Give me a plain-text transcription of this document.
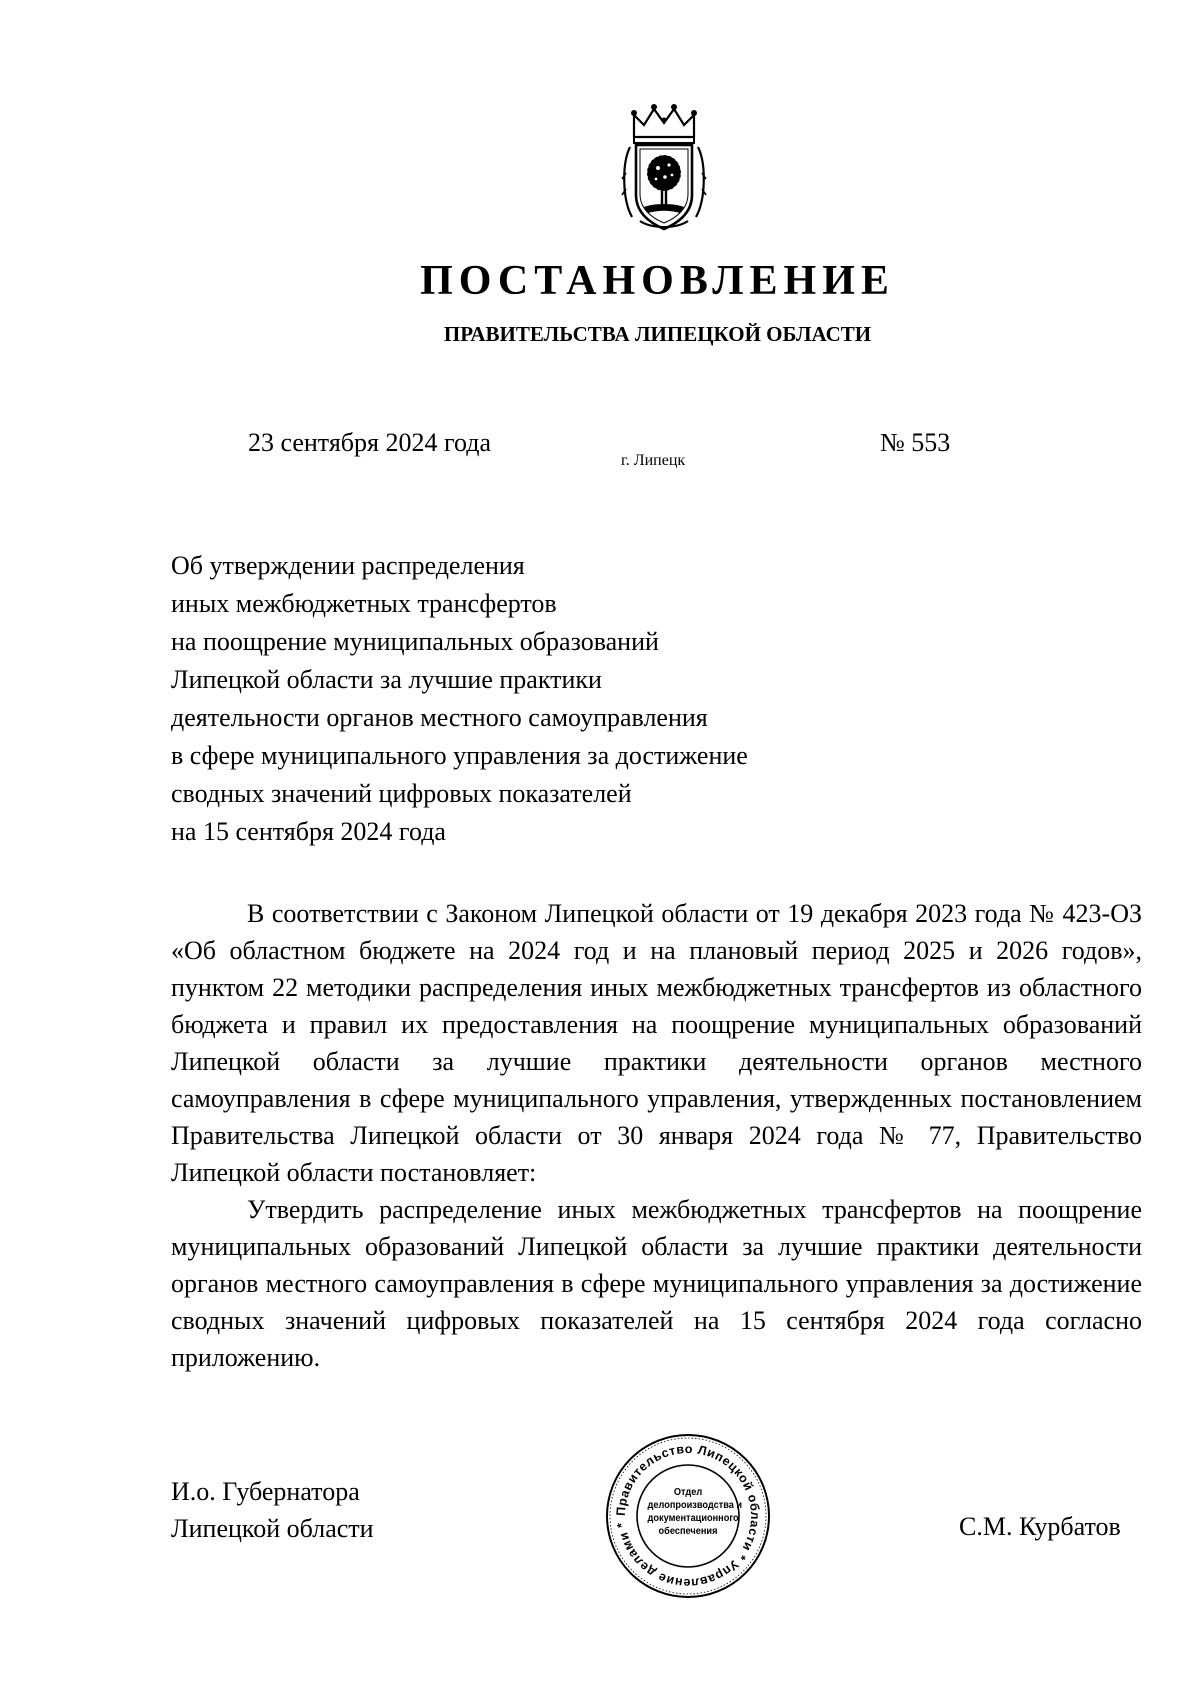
ПОСТАНОВЛЕНИЕ
ПРАВИТЕЛЬСТВА ЛИПЕЦКОЙ ОБЛАСТИ
23 сентября 2024 года
г. Липецк
№ 553
Об утверждении распределения
иных межбюджетных трансфертов
на поощрение муниципальных образований
Липецкой области за лучшие практики
деятельности органов местного самоуправления
в сфере муниципального управления за достижение
сводных значений цифровых показателей
на 15 сентября 2024 года

В соответствии с Законом Липецкой области от 19 декабря 2023 года № 423-ОЗ «Об областном бюджете на 2024 год и на плановый период 2025 и 2026 годов», пунктом 22 методики распределения иных межбюджетных трансфертов из областного бюджета и правил их предоставления на поощрение муниципальных образований Липецкой области за лучшие практики деятельности органов местного самоуправления в сфере муниципального управления, утвержденных постановлением Правительства Липецкой области от 30 января 2024 года № 77, Правительство Липецкой области постановляет:

Утвердить распределение иных межбюджетных трансфертов на поощрение муниципальных образований Липецкой области за лучшие практики деятельности органов местного самоуправления в сфере муниципального управления за достижение сводных значений цифровых показателей на 15 сентября 2024 года согласно приложению.

И.о. Губернатора
Липецкой области
Правительство Липецкой области * Управление делами *
Отдел
делопроизводства и
документационного
обеспечения	С.М. Курбатов
